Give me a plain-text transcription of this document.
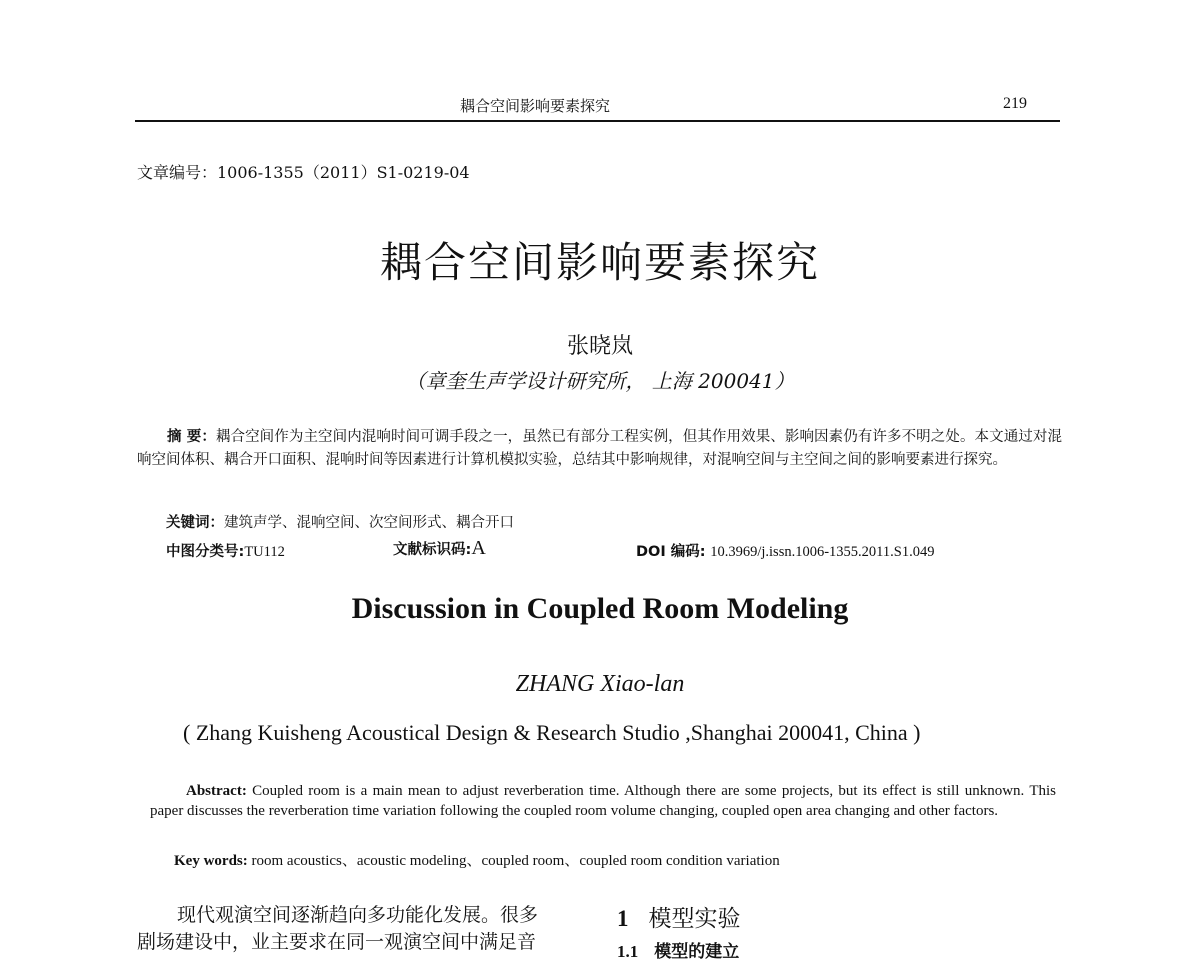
耦合空间影响要素探究	219
文章编号：1006-1355（2011）S1-0219-04
耦合空间影响要素探究
张晓岚
（章奎生声学设计研究所， 上海 200041）
摘 要：耦合空间作为主空间内混响时间可调手段之一，虽然已有部分工程实例，但其作用效果、影响因素仍有许多不明之处。本文通过对混响空间体积、耦合开口面积、混响时间等因素进行计算机模拟实验，总结其中影响规律，对混响空间与主空间之间的影响要素进行探究。
关键词：建筑声学、混响空间、次空间形式、耦合开口
中图分类号:TU112	文献标识码:A	DOI 编码: 10.3969/j.issn.1006-1355.2011.S1.049
Discussion in Coupled Room Modeling
ZHANG Xiao-lan
( Zhang Kuisheng Acoustical Design & Research Studio ,Shanghai 200041, China )
Abstract: Coupled room is a main mean to adjust reverberation time. Although there are some projects, but its effect is still unknown. This paper discusses the reverberation time variation following the coupled room volume changing, coupled open area changing and other factors.
Key words: room acoustics、acoustic modeling、coupled room、coupled room condition variation

现代观演空间逐渐趋向多功能化发展。很多

剧场建设中，业主要求在同一观演空间中满足音

1 模型实验
1.1 模型的建立
